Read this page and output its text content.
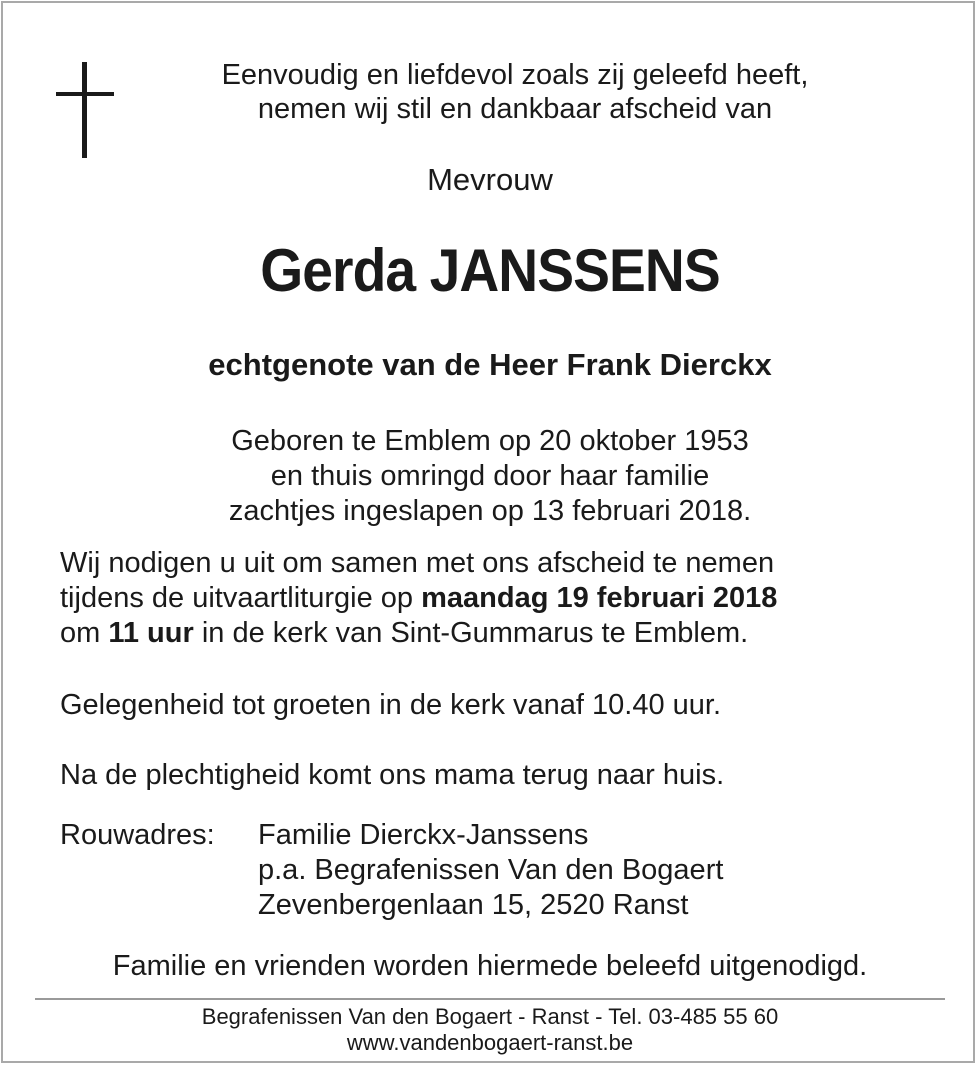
Eenvoudig en liefdevol zoals zij geleefd heeft,
nemen wij stil en dankbaar afscheid van
Mevrouw
Gerda JANSSENS
echtgenote van de Heer Frank Dierckx
Geboren te Emblem op 20 oktober 1953
en thuis omringd door haar familie
zachtjes ingeslapen op 13 februari 2018.
Wij nodigen u uit om samen met ons afscheid te nemen
tijdens de uitvaartliturgie op maandag 19 februari 2018
om 11 uur in de kerk van Sint-Gummarus te Emblem.
Gelegenheid tot groeten in de kerk vanaf 10.40 uur.
Na de plechtigheid komt ons mama terug naar huis.
Rouwadres: Familie Dierckx-Janssens
p.a. Begrafenissen Van den Bogaert
Zevenbergenlaan 15, 2520 Ranst
Familie en vrienden worden hiermede beleefd uitgenodigd.
Begrafenissen Van den Bogaert - Ranst - Tel. 03-485 55 60
www.vandenbogaert-ranst.be
